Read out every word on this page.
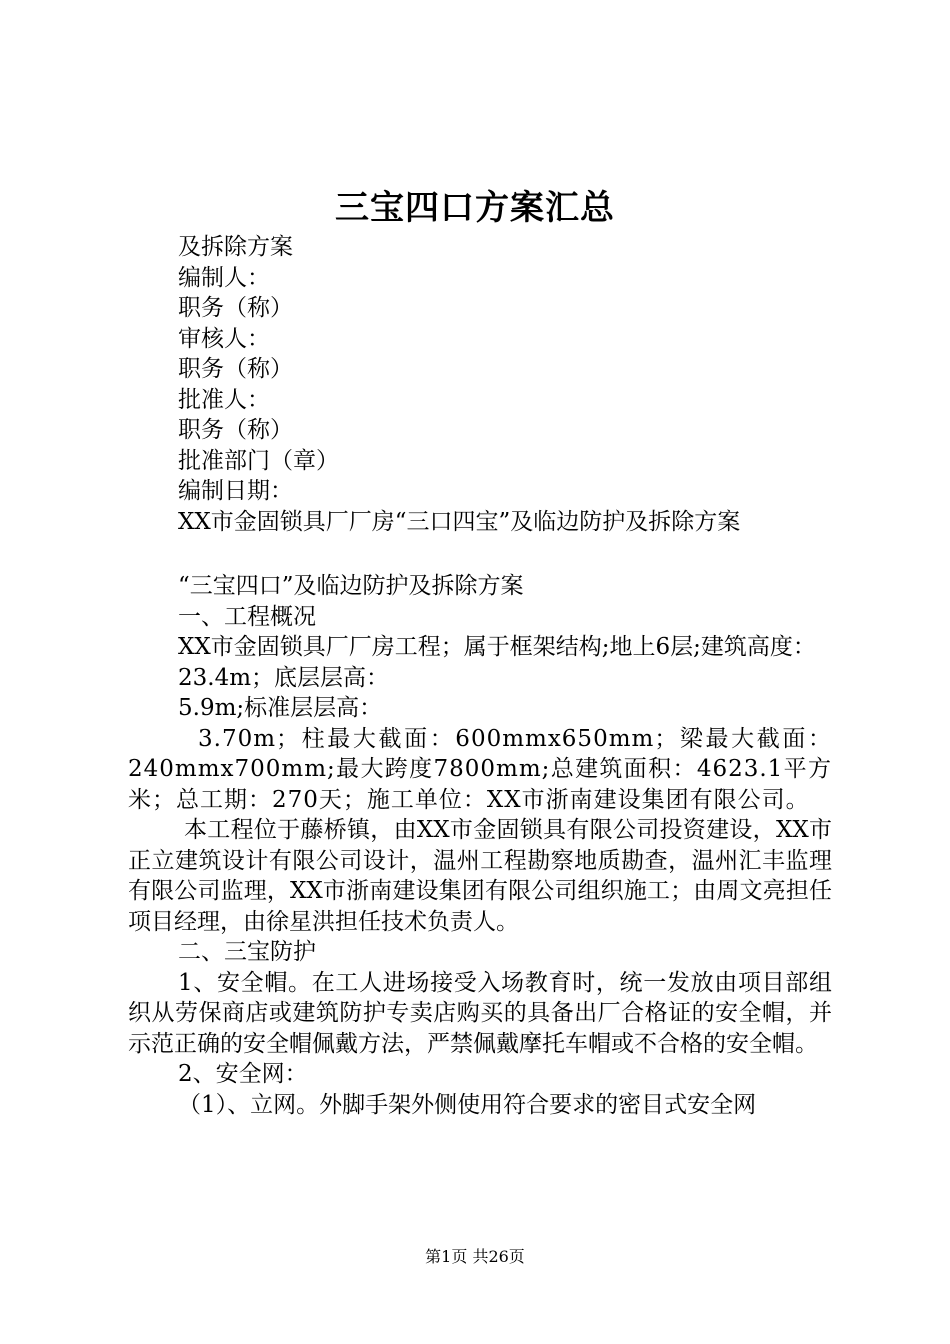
三宝四口方案汇总
及拆除方案
编制人：
职务（称）
审核人：
职务（称）
批准人：
职务（称）
批准部门（章）
编制日期：
XX市金固锁具厂厂房“三口四宝”及临边防护及拆除方案
“三宝四口”及临边防护及拆除方案
一、工程概况
XX市金固锁具厂厂房工程；属于框架结构;地上6层;建筑高度：
23.4m；底层层高：
5.9m;标准层层高：
3.70m；柱最大截面：600mmx650mm；梁最大截面：240mmx700mm;最大跨度7800mm;总建筑面积：4623.1平方米；总工期：270天；施工单位：XX市浙南建设集团有限公司。
本工程位于藤桥镇，由XX市金固锁具有限公司投资建设，XX市正立建筑设计有限公司设计，温州工程勘察地质勘查，温州汇丰监理有限公司监理，XX市浙南建设集团有限公司组织施工；由周文亮担任项目经理，由徐星洪担任技术负责人。
二、三宝防护
1、安全帽。在工人进场接受入场教育时，统一发放由项目部组织从劳保商店或建筑防护专卖店购买的具备出厂合格证的安全帽，并示范正确的安全帽佩戴方法，严禁佩戴摩托车帽或不合格的安全帽。
2、安全网：
（1）、立网。外脚手架外侧使用符合要求的密目式安全网
第1页 共26页
